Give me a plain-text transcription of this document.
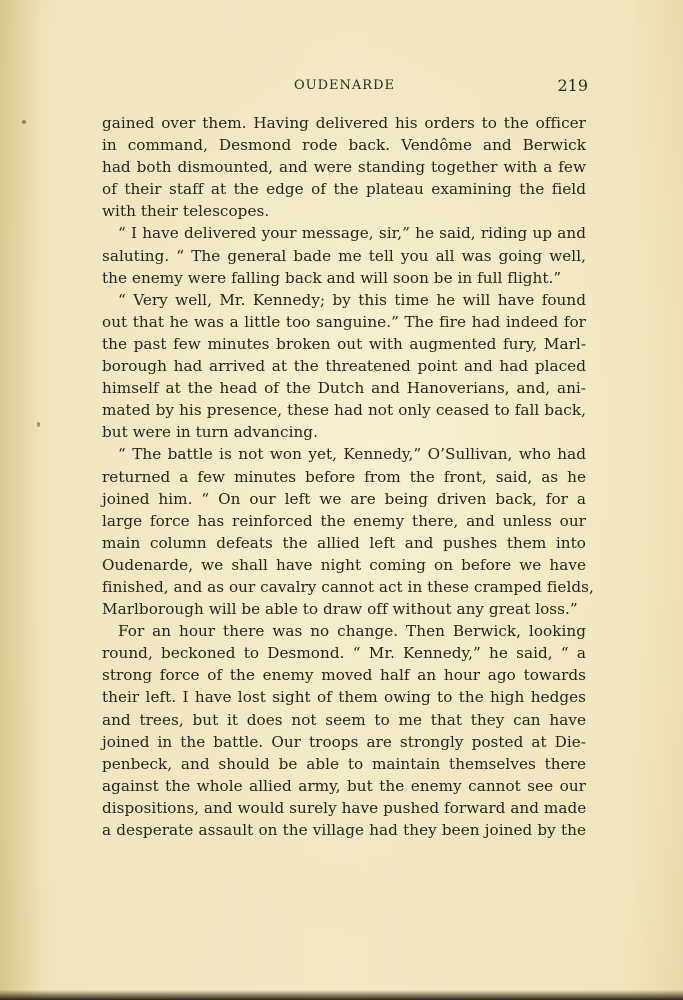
OUDENARDE	219
gained over them. Having delivered his orders to the officer
in command, Desmond rode back. Vendôme and Berwick
had both dismounted, and were standing together with a few
of their staff at the edge of the plateau examining the field
with their telescopes.
“ I have delivered your message, sir,” he said, riding up and
saluting. “ The general bade me tell you all was going well,
the enemy were falling back and will soon be in full flight.”
“ Very well, Mr. Kennedy; by this time he will have found
out that he was a little too sanguine.” The fire had indeed for
the past few minutes broken out with augmented fury, Marl-
borough had arrived at the threatened point and had placed
himself at the head of the Dutch and Hanoverians, and, ani-
mated by his presence, these had not only ceased to fall back,
but were in turn advancing.
“ The battle is not won yet, Kennedy,” O’Sullivan, who had
returned a few minutes before from the front, said, as he
joined him. “ On our left we are being driven back, for a
large force has reinforced the enemy there, and unless our
main column defeats the allied left and pushes them into
Oudenarde, we shall have night coming on before we have
finished, and as our cavalry cannot act in these cramped fields,
Marlborough will be able to draw off without any great loss.”
For an hour there was no change. Then Berwick, looking
round, beckoned to Desmond. “ Mr. Kennedy,” he said, “ a
strong force of the enemy moved half an hour ago towards
their left. I have lost sight of them owing to the high hedges
and trees, but it does not seem to me that they can have
joined in the battle. Our troops are strongly posted at Die-
penbeck, and should be able to maintain themselves there
against the whole allied army, but the enemy cannot see our
dispositions, and would surely have pushed forward and made
a desperate assault on the village had they been joined by the
